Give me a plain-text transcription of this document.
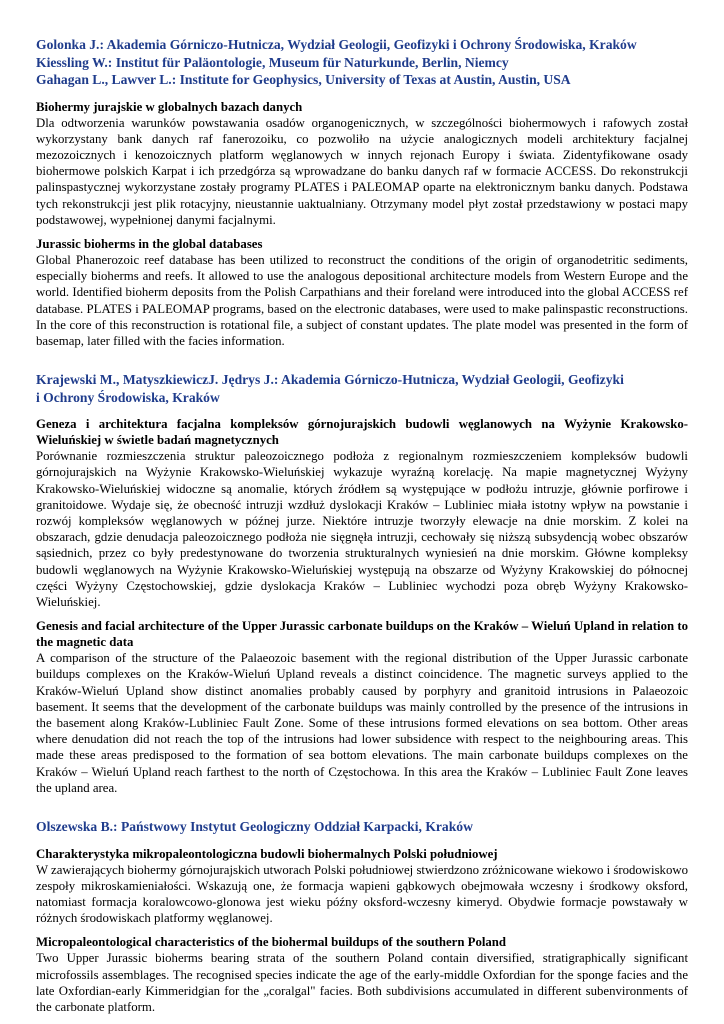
Golonka J.: Akademia Górniczo-Hutnicza, Wydział Geologii, Geofizyki i Ochrony Środowiska, Kraków
Kiessling W.: Institut für Paläontologie, Museum für Naturkunde, Berlin, Niemcy
Gahagan L., Lawver L.: Institute for Geophysics, University of Texas at Austin, Austin, USA
Biohermy jurajskie w globalnych bazach danych

Dla odtworzenia warunków powstawania osadów organogenicznych, w szczególności biohermowych i rafowych został wykorzystany bank danych raf fanerozoiku, co pozwoliło na użycie analogicznych modeli architektury facjalnej mezozoicznych i kenozoicznych platform węglanowych w innych rejonach Europy i świata. Zidentyfikowane osady biohermowe polskich Karpat i ich przedgórza są wprowadzane do banku danych raf w formacie ACCESS. Do rekonstrukcji palinspastycznej wykorzystane zostały programy PLATES i PALEOMAP oparte na elektronicznym banku danych. Podstawa tych rekonstrukcji jest plik rotacyjny, nieustannie uaktualniany. Otrzymany model płyt został przedstawiony w postaci mapy podstawowej, wypełnionej danymi facjalnymi.

Jurassic bioherms in the global databases

Global Phanerozoic reef database has been utilized to reconstruct the conditions of the origin of organodetritic sediments, especially bioherms and reefs. It allowed to use the analogous depositional architecture models from Western Europe and the world. Identified bioherm deposits from the Polish Carpathians and their foreland were introduced into the global ACCESS ref database. PLATES i PALEOMAP programs, based on the electronic databases, were used to make palinspastic reconstructions. In the core of this reconstruction is rotational file, a subject of constant updates. The plate model was presented in the form of basemap, later filled with the facies information.

Krajewski M., MatyszkiewiczJ. Jędrys J.: Akademia Górniczo-Hutnicza, Wydział Geologii, Geofizyki
i Ochrony Środowiska, Kraków
Geneza i architektura facjalna kompleksów górnojurajskich budowli węglanowych na Wyżynie Krakowsko-Wieluńskiej w świetle badań magnetycznych

Porównanie rozmieszczenia struktur paleozoicznego podłoża z regionalnym rozmieszczeniem kompleksów budowli górnojurajskich na Wyżynie Krakowsko-Wieluńskiej wykazuje wyraźną korelację. Na mapie magnetycznej Wyżyny Krakowsko-Wieluńskiej widoczne są anomalie, których źródłem są występujące w podłożu intruzje, głównie porfirowe i granitoidowe. Wydaje się, że obecność intruzji wzdłuż dyslokacji Kraków – Lubliniec miała istotny wpływ na powstanie i rozwój kompleksów węglanowych w późnej jurze. Niektóre intruzje tworzyły elewacje na dnie morskim. Z kolei na obszarach, gdzie denudacja paleozoicznego podłoża nie sięgnęła intruzji, cechowały się niższą subsydencją wobec obszarów sąsiednich, przez co były predestynowane do tworzenia strukturalnych wyniesień na dnie morskim. Główne kompleksy budowli węglanowych na Wyżynie Krakowsko-Wieluńskiej występują na obszarze od Wyżyny Krakowskiej do północnej części Wyżyny Częstochowskiej, gdzie dyslokacja Kraków – Lubliniec wychodzi poza obręb Wyżyny Krakowsko-Wieluńskiej.

Genesis and facial architecture of the Upper Jurassic carbonate buildups on the Kraków – Wieluń Upland in relation to the magnetic data

A comparison of the structure of the Palaeozoic basement with the regional distribution of the Upper Jurassic carbonate buildups complexes on the Kraków-Wieluń Upland reveals a distinct coincidence. The magnetic surveys applied to the Kraków-Wieluń Upland show distinct anomalies probably caused by porphyry and granitoid intrusions in Palaeozoic basement. It seems that the development of the carbonate buildups was mainly controlled by the presence of the intrusions in the basement along Kraków-Lubliniec Fault Zone. Some of these intrusions formed elevations on sea bottom. Other areas where denudation did not reach the top of the intrusions had lower subsidence with respect to the neighbouring areas. This made these areas predisposed to the formation of sea bottom elevations. The main carbonate buildups complexes on the Kraków – Wieluń Upland reach farthest to the north of Częstochowa. In this area the Kraków – Lubliniec Fault Zone leaves the upland area.

Olszewska B.: Państwowy Instytut Geologiczny Oddział Karpacki, Kraków
Charakterystyka mikropaleontologiczna budowli biohermalnych Polski południowej

W zawierających biohermy górnojurajskich utworach Polski południowej stwierdzono zróżnicowane wiekowo i środowiskowo zespoły mikroskamieniałości. Wskazują one, że formacja wapieni gąbkowych obejmowała wczesny i środkowy oksford, natomiast formacja koralowcowo-glonowa jest wieku późny oksford-wczesny kimeryd. Obydwie formacje powstawały w różnych środowiskach platformy węglanowej.

Micropaleontological characteristics of the biohermal buildups of the southern Poland

Two Upper Jurassic bioherms bearing strata of the southern Poland contain diversified, stratigraphically significant microfossils assemblages. The recognised species indicate the age of the early-middle Oxfordian for the sponge facies and the late Oxfordian-early Kimmeridgian for the „coralgal" facies. Both subdivisions accumulated in different subenvironments of the carbonate platform.
